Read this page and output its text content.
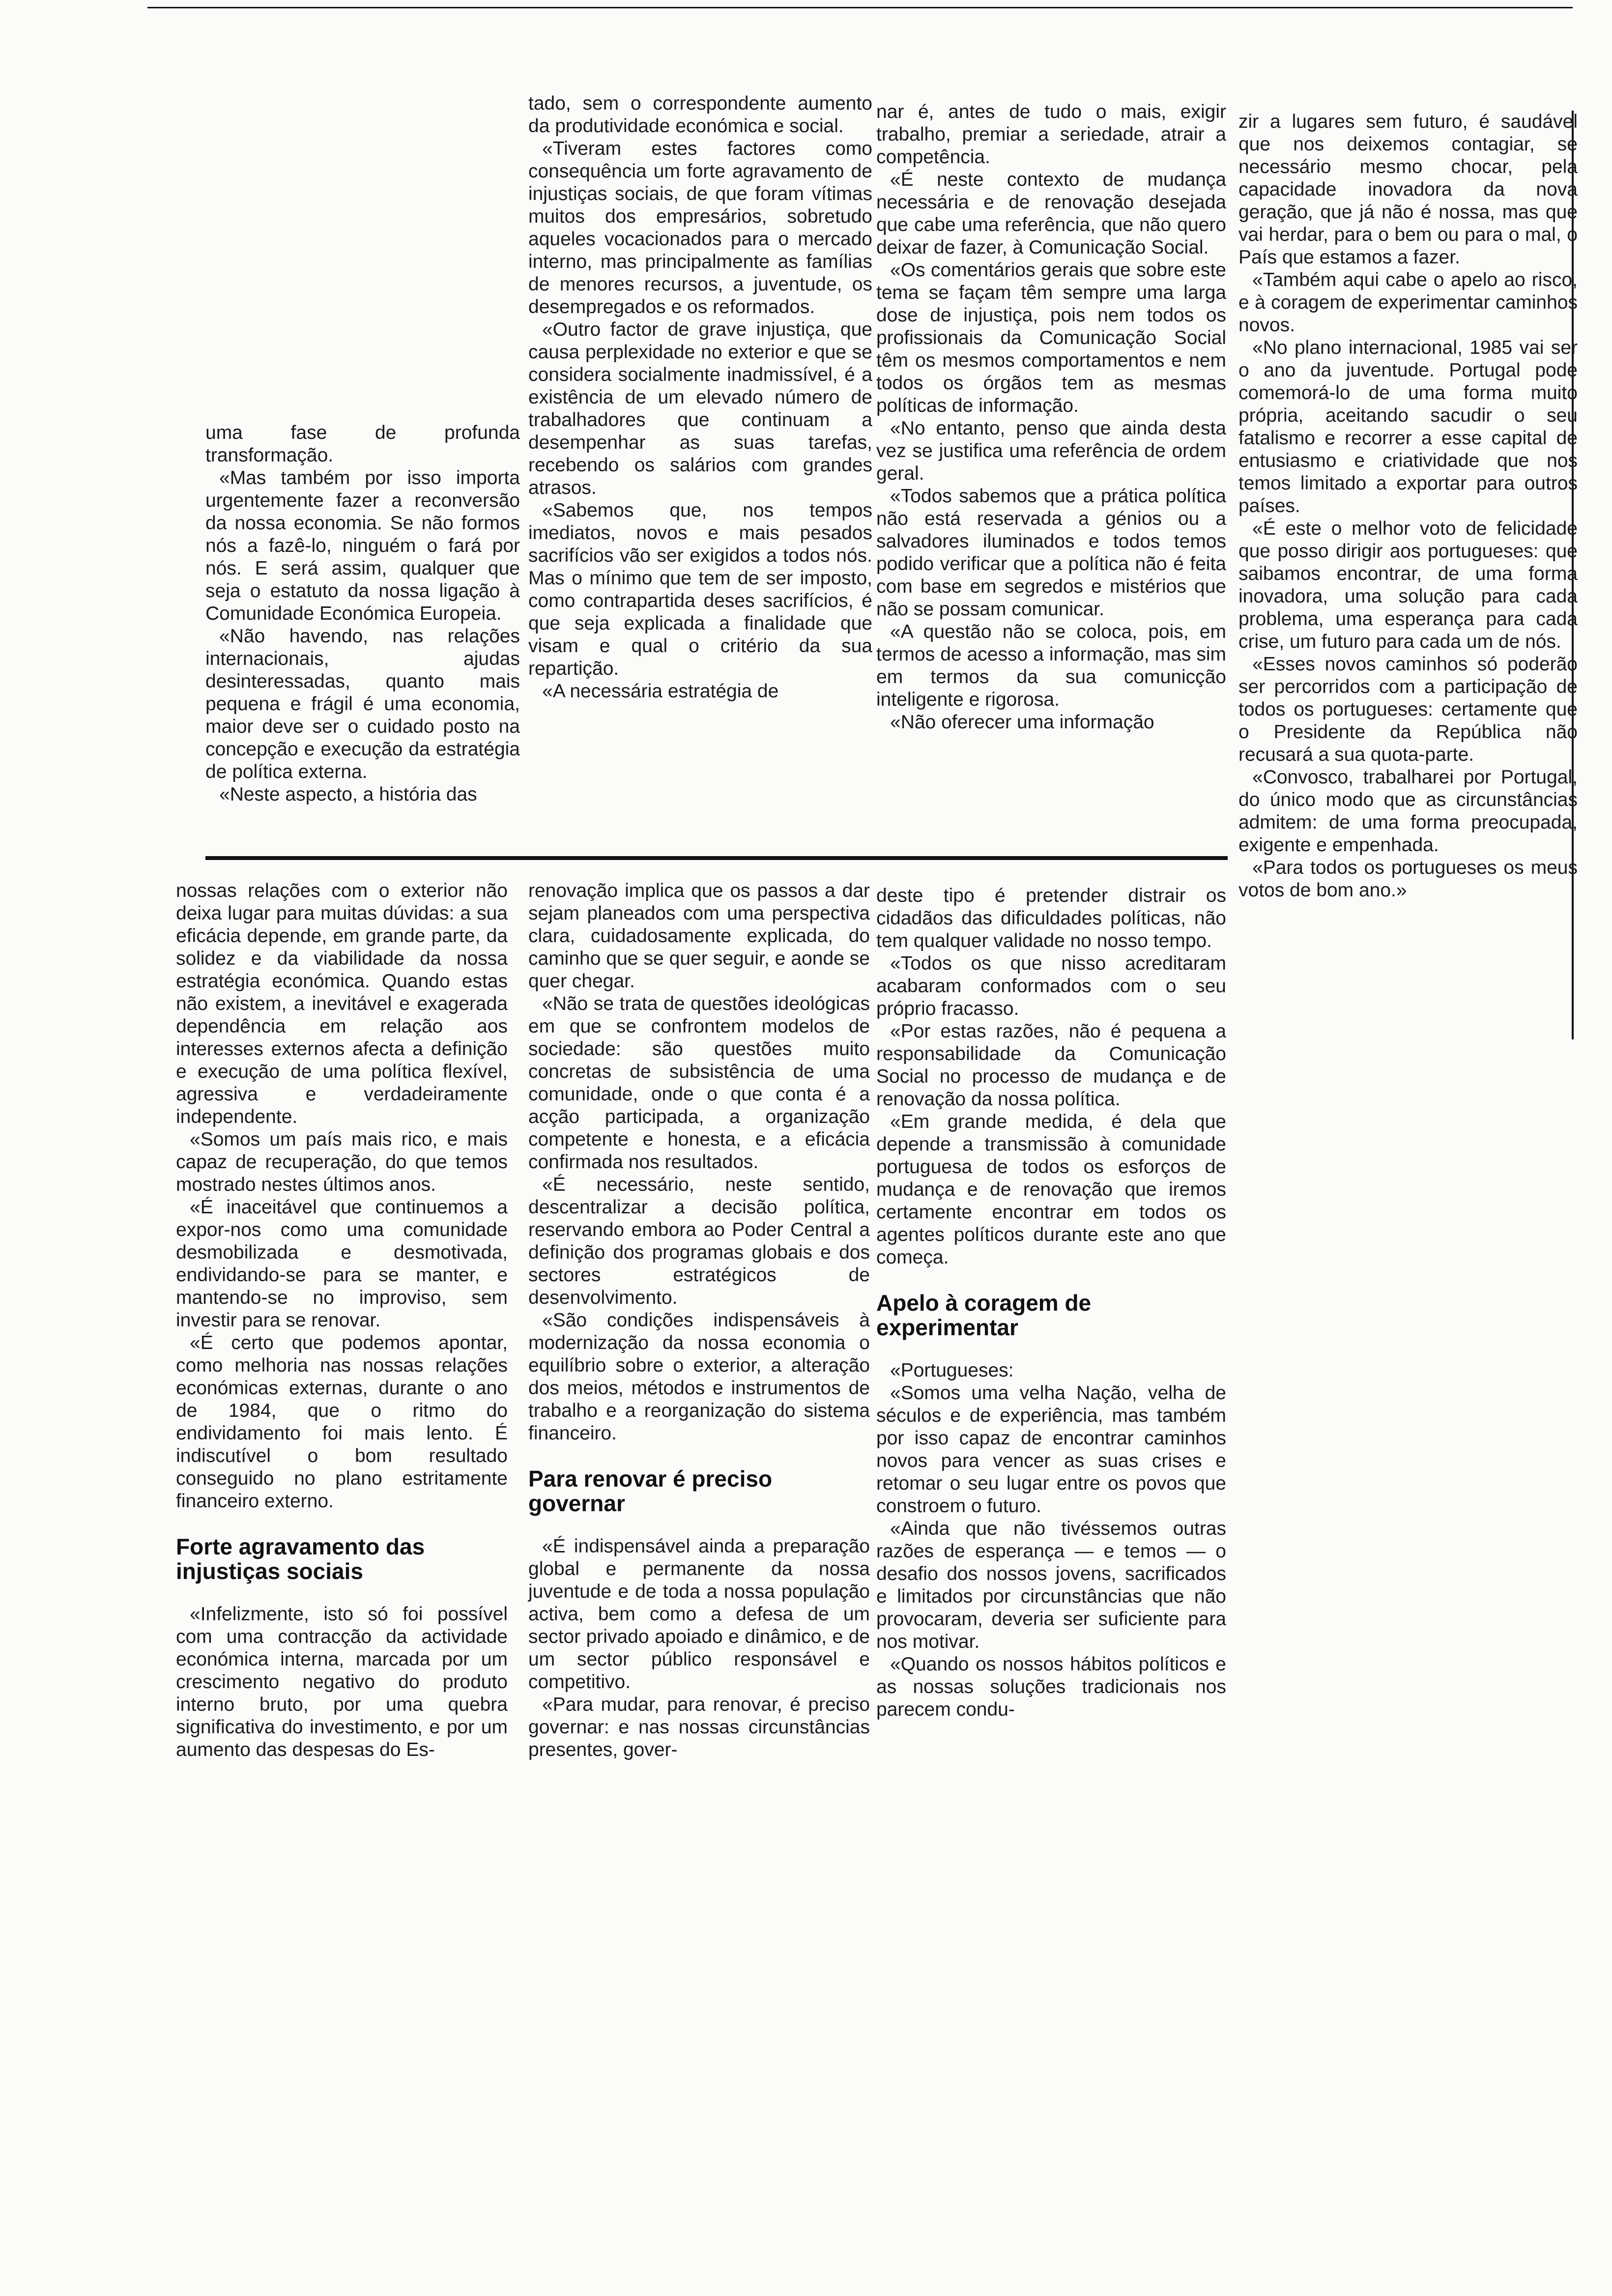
uma fase de profunda transformação.

«Mas também por isso importa urgentemente fazer a reconversão da nossa economia. Se não formos nós a fazê-lo, ninguém o fará por nós. E será assim, qualquer que seja o estatuto da nossa ligação à Comunidade Económica Europeia.

«Não havendo, nas relações internacionais, ajudas desinteressadas, quanto mais pequena e frágil é uma economia, maior deve ser o cuidado posto na concepção e execução da estratégia de política externa.

«Neste aspecto, a história das

tado, sem o correspondente aumento da produtividade económica e social.

«Tiveram estes factores como consequência um forte agravamento de injustiças sociais, de que foram vítimas muitos dos empresários, sobretudo aqueles vocacionados para o mercado interno, mas principalmente as famílias de menores recursos, a juventude, os desempregados e os reformados.

«Outro factor de grave injustiça, que causa perplexidade no exterior e que se considera socialmente inadmissível, é a existência de um elevado número de trabalhadores que continuam a desempenhar as suas tarefas, recebendo os salários com grandes atrasos.

«Sabemos que, nos tempos imediatos, novos e mais pesados sacrifícios vão ser exigidos a todos nós. Mas o mínimo que tem de ser imposto, como contrapartida deses sacrifícios, é que seja explicada a finalidade que visam e qual o critério da sua repartição.

«A necessária estratégia de

nar é, antes de tudo o mais, exigir trabalho, premiar a seriedade, atrair a competência.

«É neste contexto de mudança necessária e de renovação desejada que cabe uma referência, que não quero deixar de fazer, à Comunicação Social.

«Os comentários gerais que sobre este tema se façam têm sempre uma larga dose de injustiça, pois nem todos os profissionais da Comunicação Social têm os mesmos comportamentos e nem todos os órgãos tem as mesmas políticas de informação.

«No entanto, penso que ainda desta vez se justifica uma referência de ordem geral.

«Todos sabemos que a prática política não está reservada a génios ou a salvadores iluminados e todos temos podido verificar que a política não é feita com base em segredos e mistérios que não se possam comunicar.

«A questão não se coloca, pois, em termos de acesso a informação, mas sim em termos da sua comunicção inteligente e rigorosa.

«Não oferecer uma informação

zir a lugares sem futuro, é saudável que nos deixemos contagiar, se necessário mesmo chocar, pela capacidade inovadora da nova geração, que já não é nossa, mas que vai herdar, para o bem ou para o mal, o País que estamos a fazer.

«Também aqui cabe o apelo ao risco, e à coragem de experimentar caminhos novos.

«No plano internacional, 1985 vai ser o ano da juventude. Portugal pode comemorá-lo de uma forma muito própria, aceitando sacudir o seu fatalismo e recorrer a esse capital de entusiasmo e criatividade que nos temos limitado a exportar para outros países.

«É este o melhor voto de felicidade que posso dirigir aos portugueses: que saibamos encontrar, de uma forma inovadora, uma solução para cada problema, uma esperança para cada crise, um futuro para cada um de nós.

«Esses novos caminhos só poderão ser percorridos com a participação de todos os portugueses: certamente que o Presidente da República não recusará a sua quota-parte.

«Convosco, trabalharei por Portugal, do único modo que as circunstâncias admitem: de uma forma preocupada, exigente e empenhada.

«Para todos os portugueses os meus votos de bom ano.»

nossas relações com o exterior não deixa lugar para muitas dúvidas: a sua eficácia depende, em grande parte, da solidez e da viabilidade da nossa estratégia económica. Quando estas não existem, a inevitável e exagerada dependência em relação aos interesses externos afecta a definição e execução de uma política flexível, agressiva e verdadeiramente independente.

«Somos um país mais rico, e mais capaz de recuperação, do que temos mostrado nestes últimos anos.

«É inaceitável que continuemos a expor-nos como uma comunidade desmobilizada e desmotivada, endividando-se para se manter, e mantendo-se no improviso, sem investir para se renovar.

«É certo que podemos apontar, como melhoria nas nossas relações económicas externas, durante o ano de 1984, que o ritmo do endividamento foi mais lento. É indiscutível o bom resultado conseguido no plano estritamente financeiro externo.

Forte agravamento das injustiças sociais

«Infelizmente, isto só foi possível com uma contracção da actividade económica interna, marcada por um crescimento negativo do produto interno bruto, por uma quebra significativa do investimento, e por um aumento das despesas do Es-

renovação implica que os passos a dar sejam planeados com uma perspectiva clara, cuidadosamente explicada, do caminho que se quer seguir, e aonde se quer chegar.

«Não se trata de questões ideológicas em que se confrontem modelos de sociedade: são questões muito concretas de subsistência de uma comunidade, onde o que conta é a acção participada, a organização competente e honesta, e a eficácia confirmada nos resultados.

«É necessário, neste sentido, descentralizar a decisão política, reservando embora ao Poder Central a definição dos programas globais e dos sectores estratégicos de desenvolvimento.

«São condições indispensáveis à modernização da nossa economia o equilíbrio sobre o exterior, a alteração dos meios, métodos e instrumentos de trabalho e a reorganização do sistema financeiro.

Para renovar é preciso governar

«É indispensável ainda a preparação global e permanente da nossa juventude e de toda a nossa população activa, bem como a defesa de um sector privado apoiado e dinâmico, e de um sector público responsável e competitivo.

«Para mudar, para renovar, é preciso governar: e nas nossas circunstâncias presentes, gover-

deste tipo é pretender distrair os cidadãos das dificuldades políticas, não tem qualquer validade no nosso tempo.

«Todos os que nisso acreditaram acabaram conformados com o seu próprio fracasso.

«Por estas razões, não é pequena a responsabilidade da Comunicação Social no processo de mudança e de renovação da nossa política.

«Em grande medida, é dela que depende a transmissão à comunidade portuguesa de todos os esforços de mudança e de renovação que iremos certamente encontrar em todos os agentes políticos durante este ano que começa.

Apelo à coragem de experimentar

«Portugueses:

«Somos uma velha Nação, velha de séculos e de experiência, mas também por isso capaz de encontrar caminhos novos para vencer as suas crises e retomar o seu lugar entre os povos que constroem o futuro.

«Ainda que não tivéssemos outras razões de esperança — e temos — o desafio dos nossos jovens, sacrificados e limitados por circunstâncias que não provocaram, deveria ser suficiente para nos motivar.

«Quando os nossos hábitos políticos e as nossas soluções tradicionais nos parecem condu-
